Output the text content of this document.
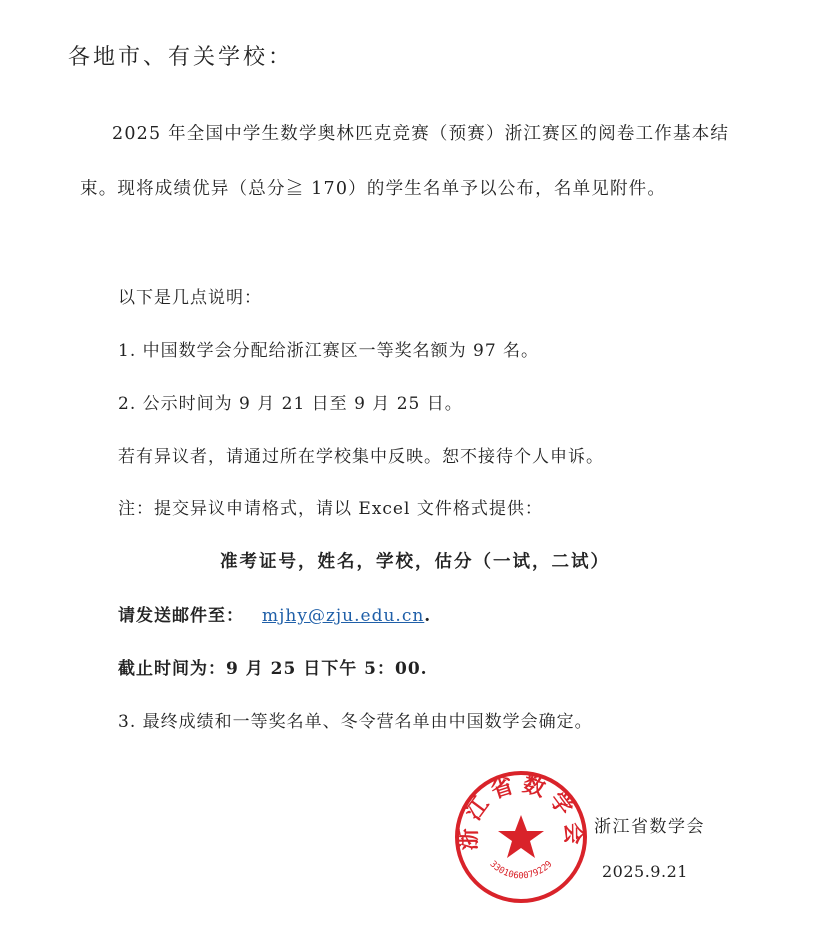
各地市、有关学校：
2025 年全国中学生数学奥林匹克竞赛（预赛）浙江赛区的阅卷工作基本结
束。现将成绩优异（总分≧ 170）的学生名单予以公布，名单见附件。
以下是几点说明：
1. 中国数学会分配给浙江赛区一等奖名额为 97 名。
2. 公示时间为 9 月 21 日至 9 月 25 日。
若有异议者，请通过所在学校集中反映。恕不接待个人申诉。
注：提交异议申请格式，请以 Excel 文件格式提供：
准考证号，姓名，学校，估分（一试，二试）
请发送邮件至： mjhy@zju.edu.cn.
截止时间为：9 月 25 日下午 5：00.
3. 最终成绩和一等奖名单、冬令营名单由中国数学会确定。
浙江省数学会
3301060079229
浙江省数学会
2025.9.21
